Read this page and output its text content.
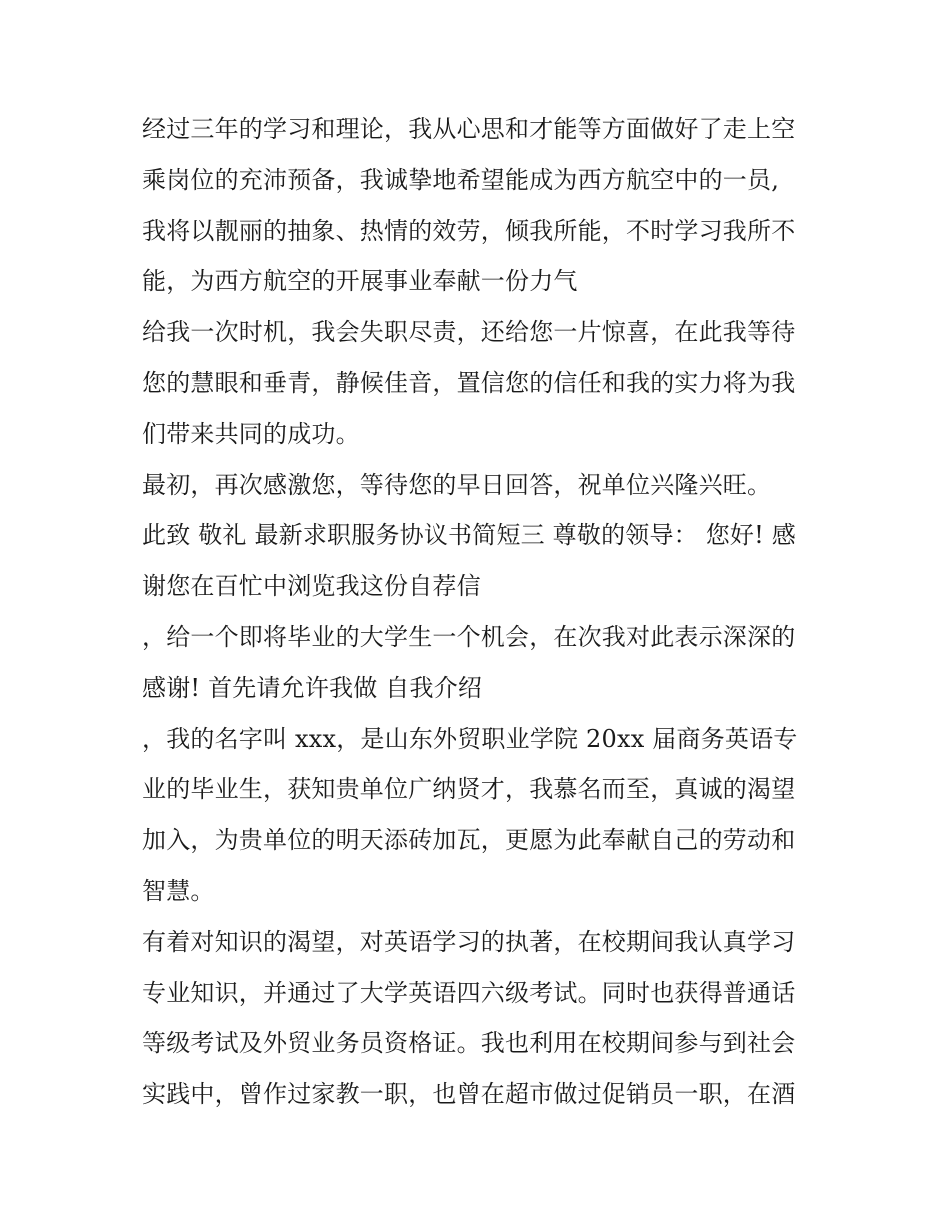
经过三年的学习和理论，我从心思和才能等方面做好了走上空
乘岗位的充沛预备，我诚挚地希望能成为西方航空中的一员,
我将以靓丽的抽象、热情的效劳，倾我所能，不时学习我所不
能，为西方航空的开展事业奉献一份力气
给我一次时机，我会失职尽责，还给您一片惊喜，在此我等待
您的慧眼和垂青，静候佳音，置信您的信任和我的实力将为我
们带来共同的成功。
最初，再次感激您，等待您的早日回答，祝单位兴隆兴旺。
此致 敬礼 最新求职服务协议书简短三 尊敬的领导： 您好! 感
谢您在百忙中浏览我这份自荐信
，给一个即将毕业的大学生一个机会，在次我对此表示深深的
感谢! 首先请允许我做 自我介绍
，我的名字叫 xxx，是山东外贸职业学院 20xx 届商务英语专
业的毕业生，获知贵单位广纳贤才，我慕名而至，真诚的渴望
加入，为贵单位的明天添砖加瓦，更愿为此奉献自己的劳动和
智慧。
有着对知识的渴望，对英语学习的执著，在校期间我认真学习
专业知识，并通过了大学英语四六级考试。同时也获得普通话
等级考试及外贸业务员资格证。我也利用在校期间参与到社会
实践中，曾作过家教一职，也曾在超市做过促销员一职，在酒
